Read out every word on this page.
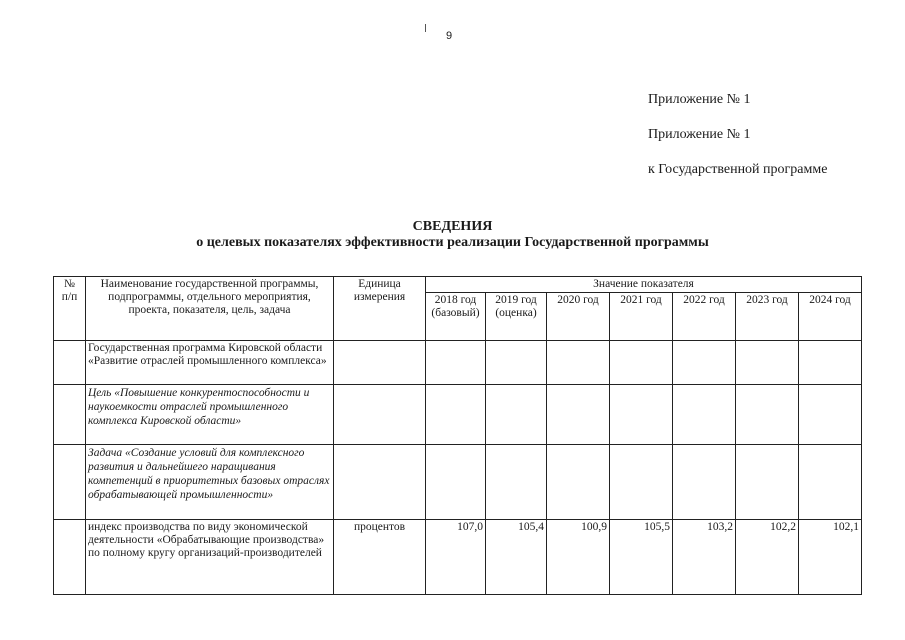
9
Приложение № 1
Приложение № 1
к Государственной программе
СВЕДЕНИЯ
о целевых показателях эффективности реализации Государственной программы
№
п/п	Наименование государственной программы, подпрограммы, отдельного мероприятия, проекта, показателя, цель, задача	Единица измерения	Значение показателя						
			2018 год (базовый)	2019 год (оценка)	2020 год	2021 год	2022 год	2023 год	2024 год
	Государственная программа Кировской области «Развитие отраслей промышленного комплекса»								
	Цель «Повышение конкурентоспособности и наукоемкости отраслей промышленного комплекса Кировской области»								
	Задача «Создание условий для комплексного развития и дальнейшего наращивания компетенций в приоритетных базовых отраслях обрабатывающей промышленности»								
	индекс производства по виду экономической деятельности «Обрабатывающие производства» по полному кругу организаций-производителей	процентов	107,0	105,4	100,9	105,5	103,2	102,2	102,1
